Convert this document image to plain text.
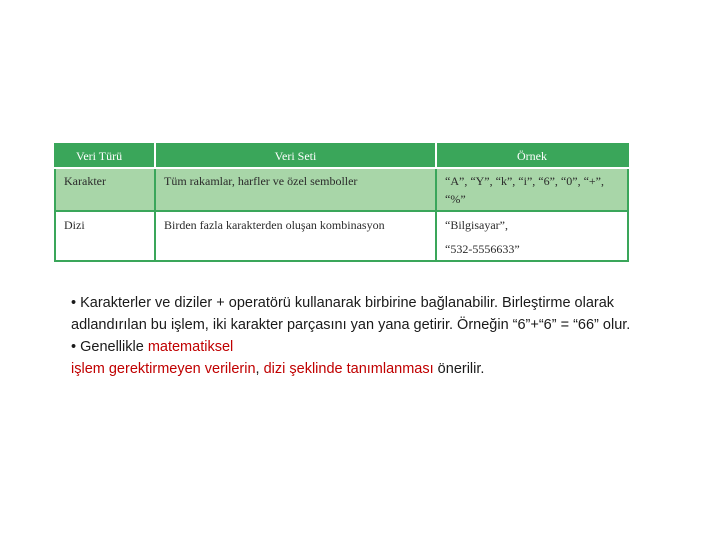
Veri Türü	Veri Seti	Örnek
Karakter	Tüm rakamlar, harfler ve özel semboller	“A”, “Y”, “k”, “i”, “6”, “0”, “+”,
“%”

Dizi	Birden fazla karakterden oluşan kombinasyon	“Bilgisayar”,
“532-5556633”

• Karakterler ve diziler + operatörü kullanarak birbirine bağlanabilir. Birleştirme olarak adlandırılan bu işlem, iki karakter parçasını yan yana getirir. Örneğin “6”+“6” = “66” olur.

• Genellikle matematiksel
işlem gerektirmeyen verilerin, dizi şeklinde tanımlanması önerilir.
